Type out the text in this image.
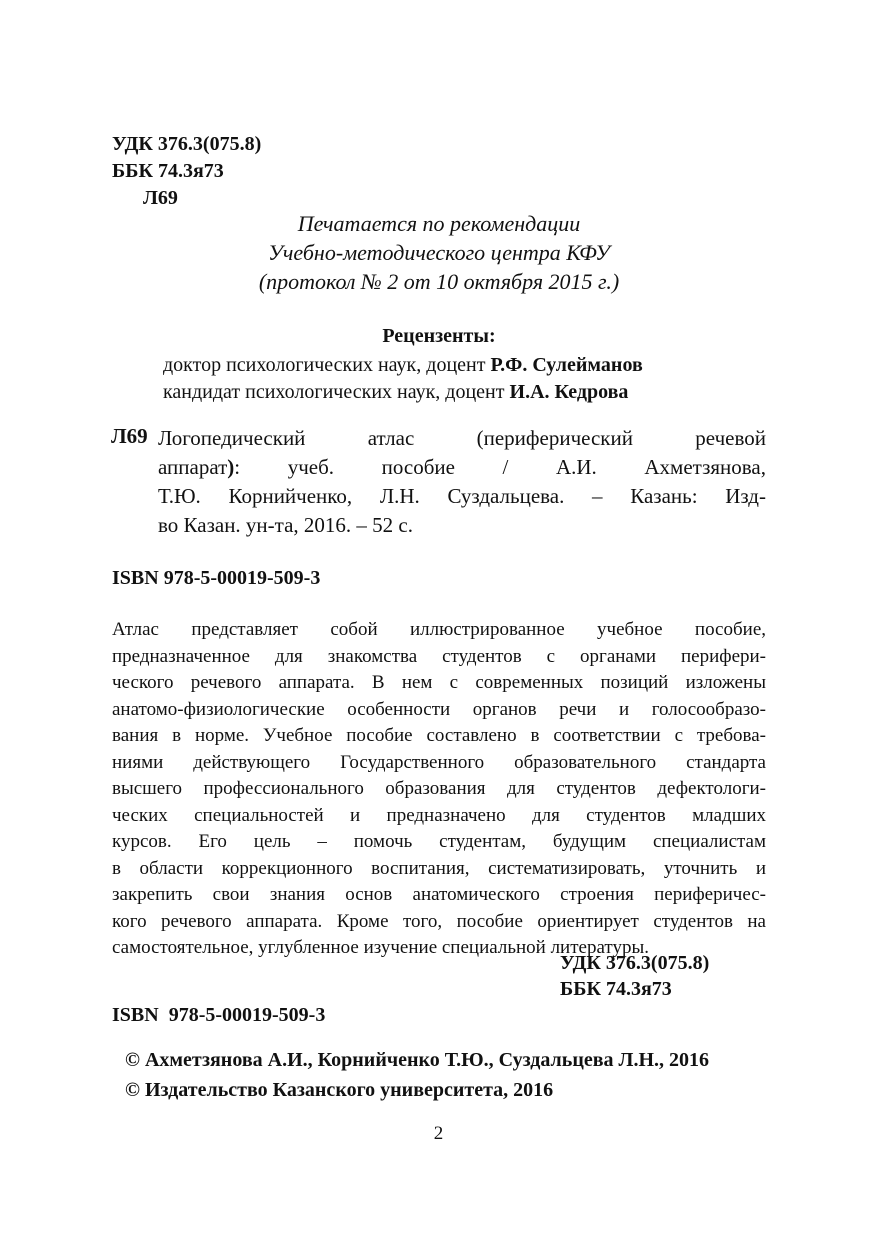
УДК 376.3(075.8)
ББК 74.3я73
Л69
Печатается по рекомендации
Учебно-методического центра КФУ
(протокол № 2 от 10 октября 2015 г.)
Рецензенты:
доктор психологических наук, доцент Р.Ф. Сулейманов
кандидат психологических наук, доцент И.А. Кедрова
Л69 Логопедический атлас (периферический речевой
аппарат): учеб. пособие / А.И. Ахметзянова,
Т.Ю. Корнийченко, Л.Н. Суздальцева. – Казань: Изд-
во Казан. ун-та, 2016. – 52 с.
ISBN 978-5-00019-509-3
Атлас представляет собой иллюстрированное учебное пособие,
предназначенное для знакомства студентов с органами перифери-
ческого речевого аппарата. В нем с современных позиций изложены
анатомо-физиологические особенности органов речи и голосообразо-
вания в норме. Учебное пособие составлено в соответствии с требова-
ниями действующего Государственного образовательного стандарта
высшего профессионального образования для студентов дефектологи-
ческих специальностей и предназначено для студентов младших
курсов. Его цель – помочь студентам, будущим специалистам
в области коррекционного воспитания, систематизировать, уточнить и
закрепить свои знания основ анатомического строения периферичес-
кого речевого аппарата. Кроме того, пособие ориентирует студентов на
самостоятельное, углубленное изучение специальной литературы.
УДК 376.3(075.8)
ББК 74.3я73
ISBN  978-5-00019-509-3
© Ахметзянова А.И., Корнийченко Т.Ю., Суздальцева Л.Н., 2016
© Издательство Казанского университета, 2016
2
